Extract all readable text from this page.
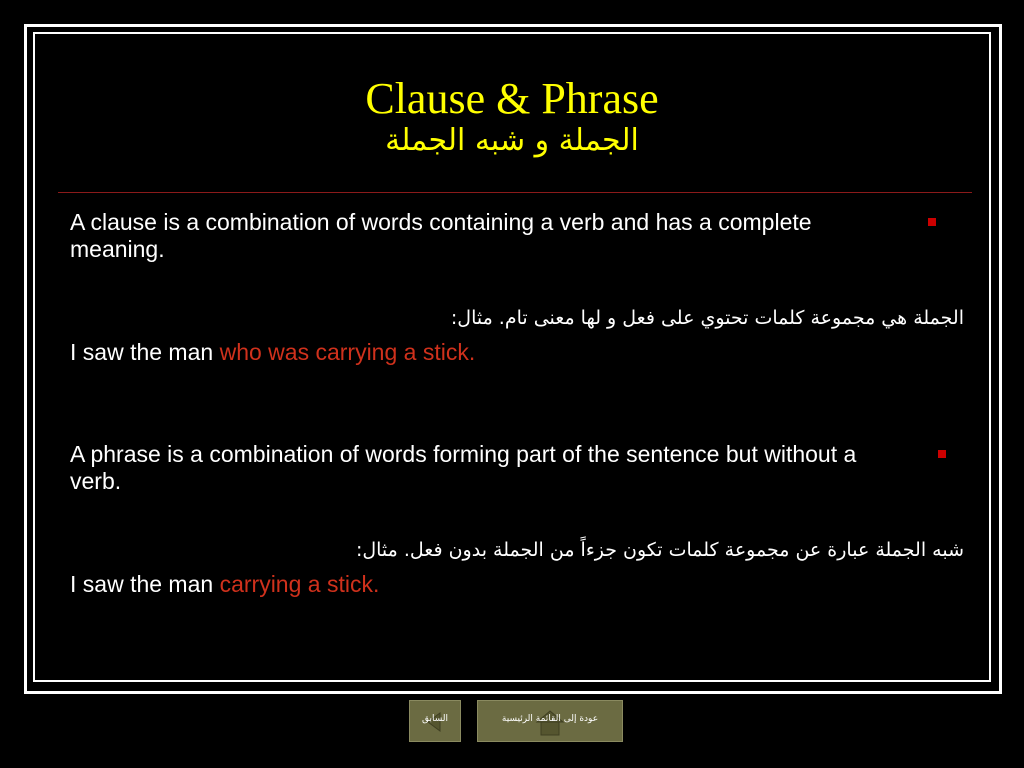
Clause & Phrase
الجملة و شبه الجملة
A clause is a combination of words containing a verb and has a complete meaning.
الجملة هي مجموعة كلمات تحتوي على فعل و لها معنى تام. مثال:
I saw the man who was carrying a stick.
A phrase is a combination of words forming part of the sentence but without a verb.
شبه الجملة عبارة عن مجموعة كلمات تكون جزءاً من الجملة بدون فعل. مثال:
I saw the man carrying a stick.
السابق	عودة إلى القائمة الرئيسية
